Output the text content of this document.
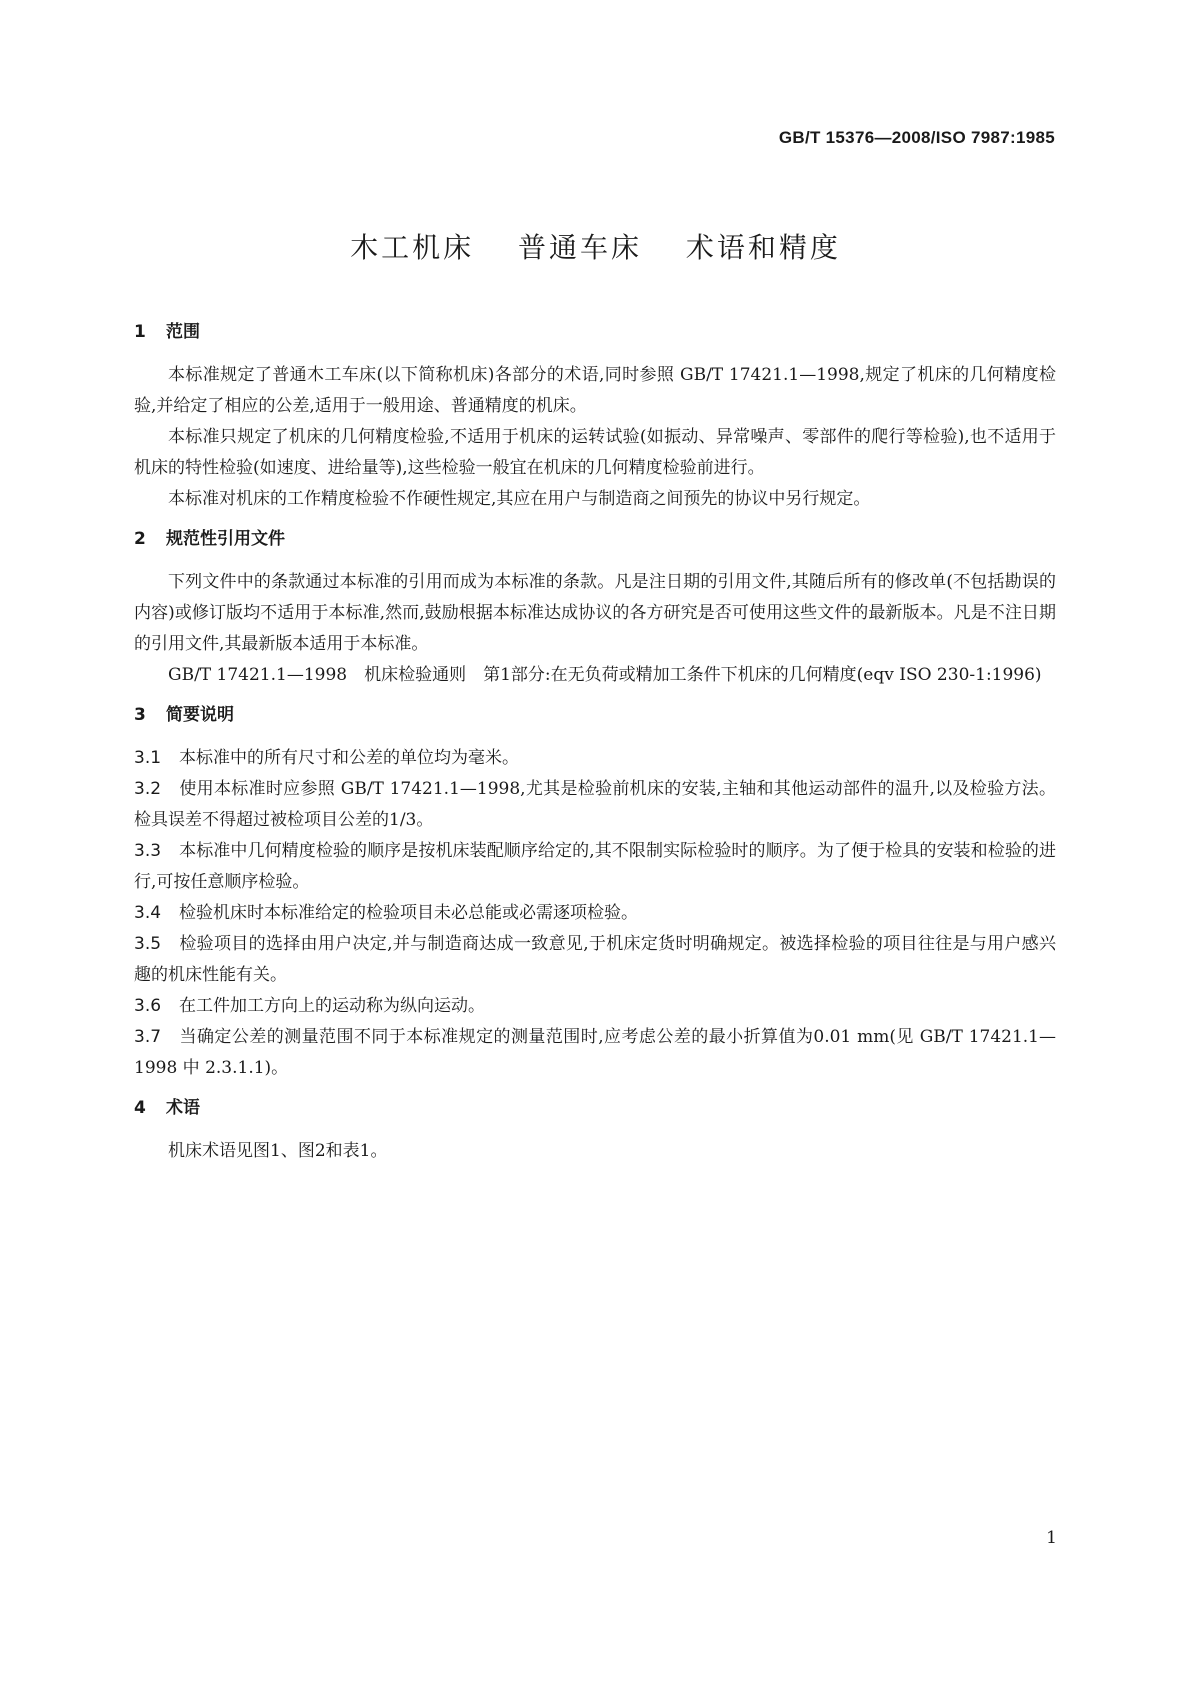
GB/T 15376—2008/ISO 7987:1985
木工机床 普通车床 术语和精度
1 范围

本标准规定了普通木工车床(以下简称机床)各部分的术语,同时参照 GB/T 17421.1—1998,规定了机床的几何精度检验,并给定了相应的公差,适用于一般用途、普通精度的机床。

本标准只规定了机床的几何精度检验,不适用于机床的运转试验(如振动、异常噪声、零部件的爬行等检验),也不适用于机床的特性检验(如速度、进给量等),这些检验一般宜在机床的几何精度检验前进行。

本标准对机床的工作精度检验不作硬性规定,其应在用户与制造商之间预先的协议中另行规定。

2 规范性引用文件

下列文件中的条款通过本标准的引用而成为本标准的条款。凡是注日期的引用文件,其随后所有的修改单(不包括勘误的内容)或修订版均不适用于本标准,然而,鼓励根据本标准达成协议的各方研究是否可使用这些文件的最新版本。凡是不注日期的引用文件,其最新版本适用于本标准。

GB/T 17421.1—1998　机床检验通则　第1部分:在无负荷或精加工条件下机床的几何精度(eqv ISO 230-1:1996)

3 简要说明

3.1 本标准中的所有尺寸和公差的单位均为毫米。

3.2 使用本标准时应参照 GB/T 17421.1—1998,尤其是检验前机床的安装,主轴和其他运动部件的温升,以及检验方法。检具误差不得超过被检项目公差的1/3。

3.3 本标准中几何精度检验的顺序是按机床装配顺序给定的,其不限制实际检验时的顺序。为了便于检具的安装和检验的进行,可按任意顺序检验。

3.4 检验机床时本标准给定的检验项目未必总能或必需逐项检验。

3.5 检验项目的选择由用户决定,并与制造商达成一致意见,于机床定货时明确规定。被选择检验的项目往往是与用户感兴趣的机床性能有关。

3.6 在工件加工方向上的运动称为纵向运动。

3.7 当确定公差的测量范围不同于本标准规定的测量范围时,应考虑公差的最小折算值为0.01 mm(见 GB/T 17421.1—1998 中 2.3.1.1)。

4 术语

机床术语见图1、图2和表1。

1
